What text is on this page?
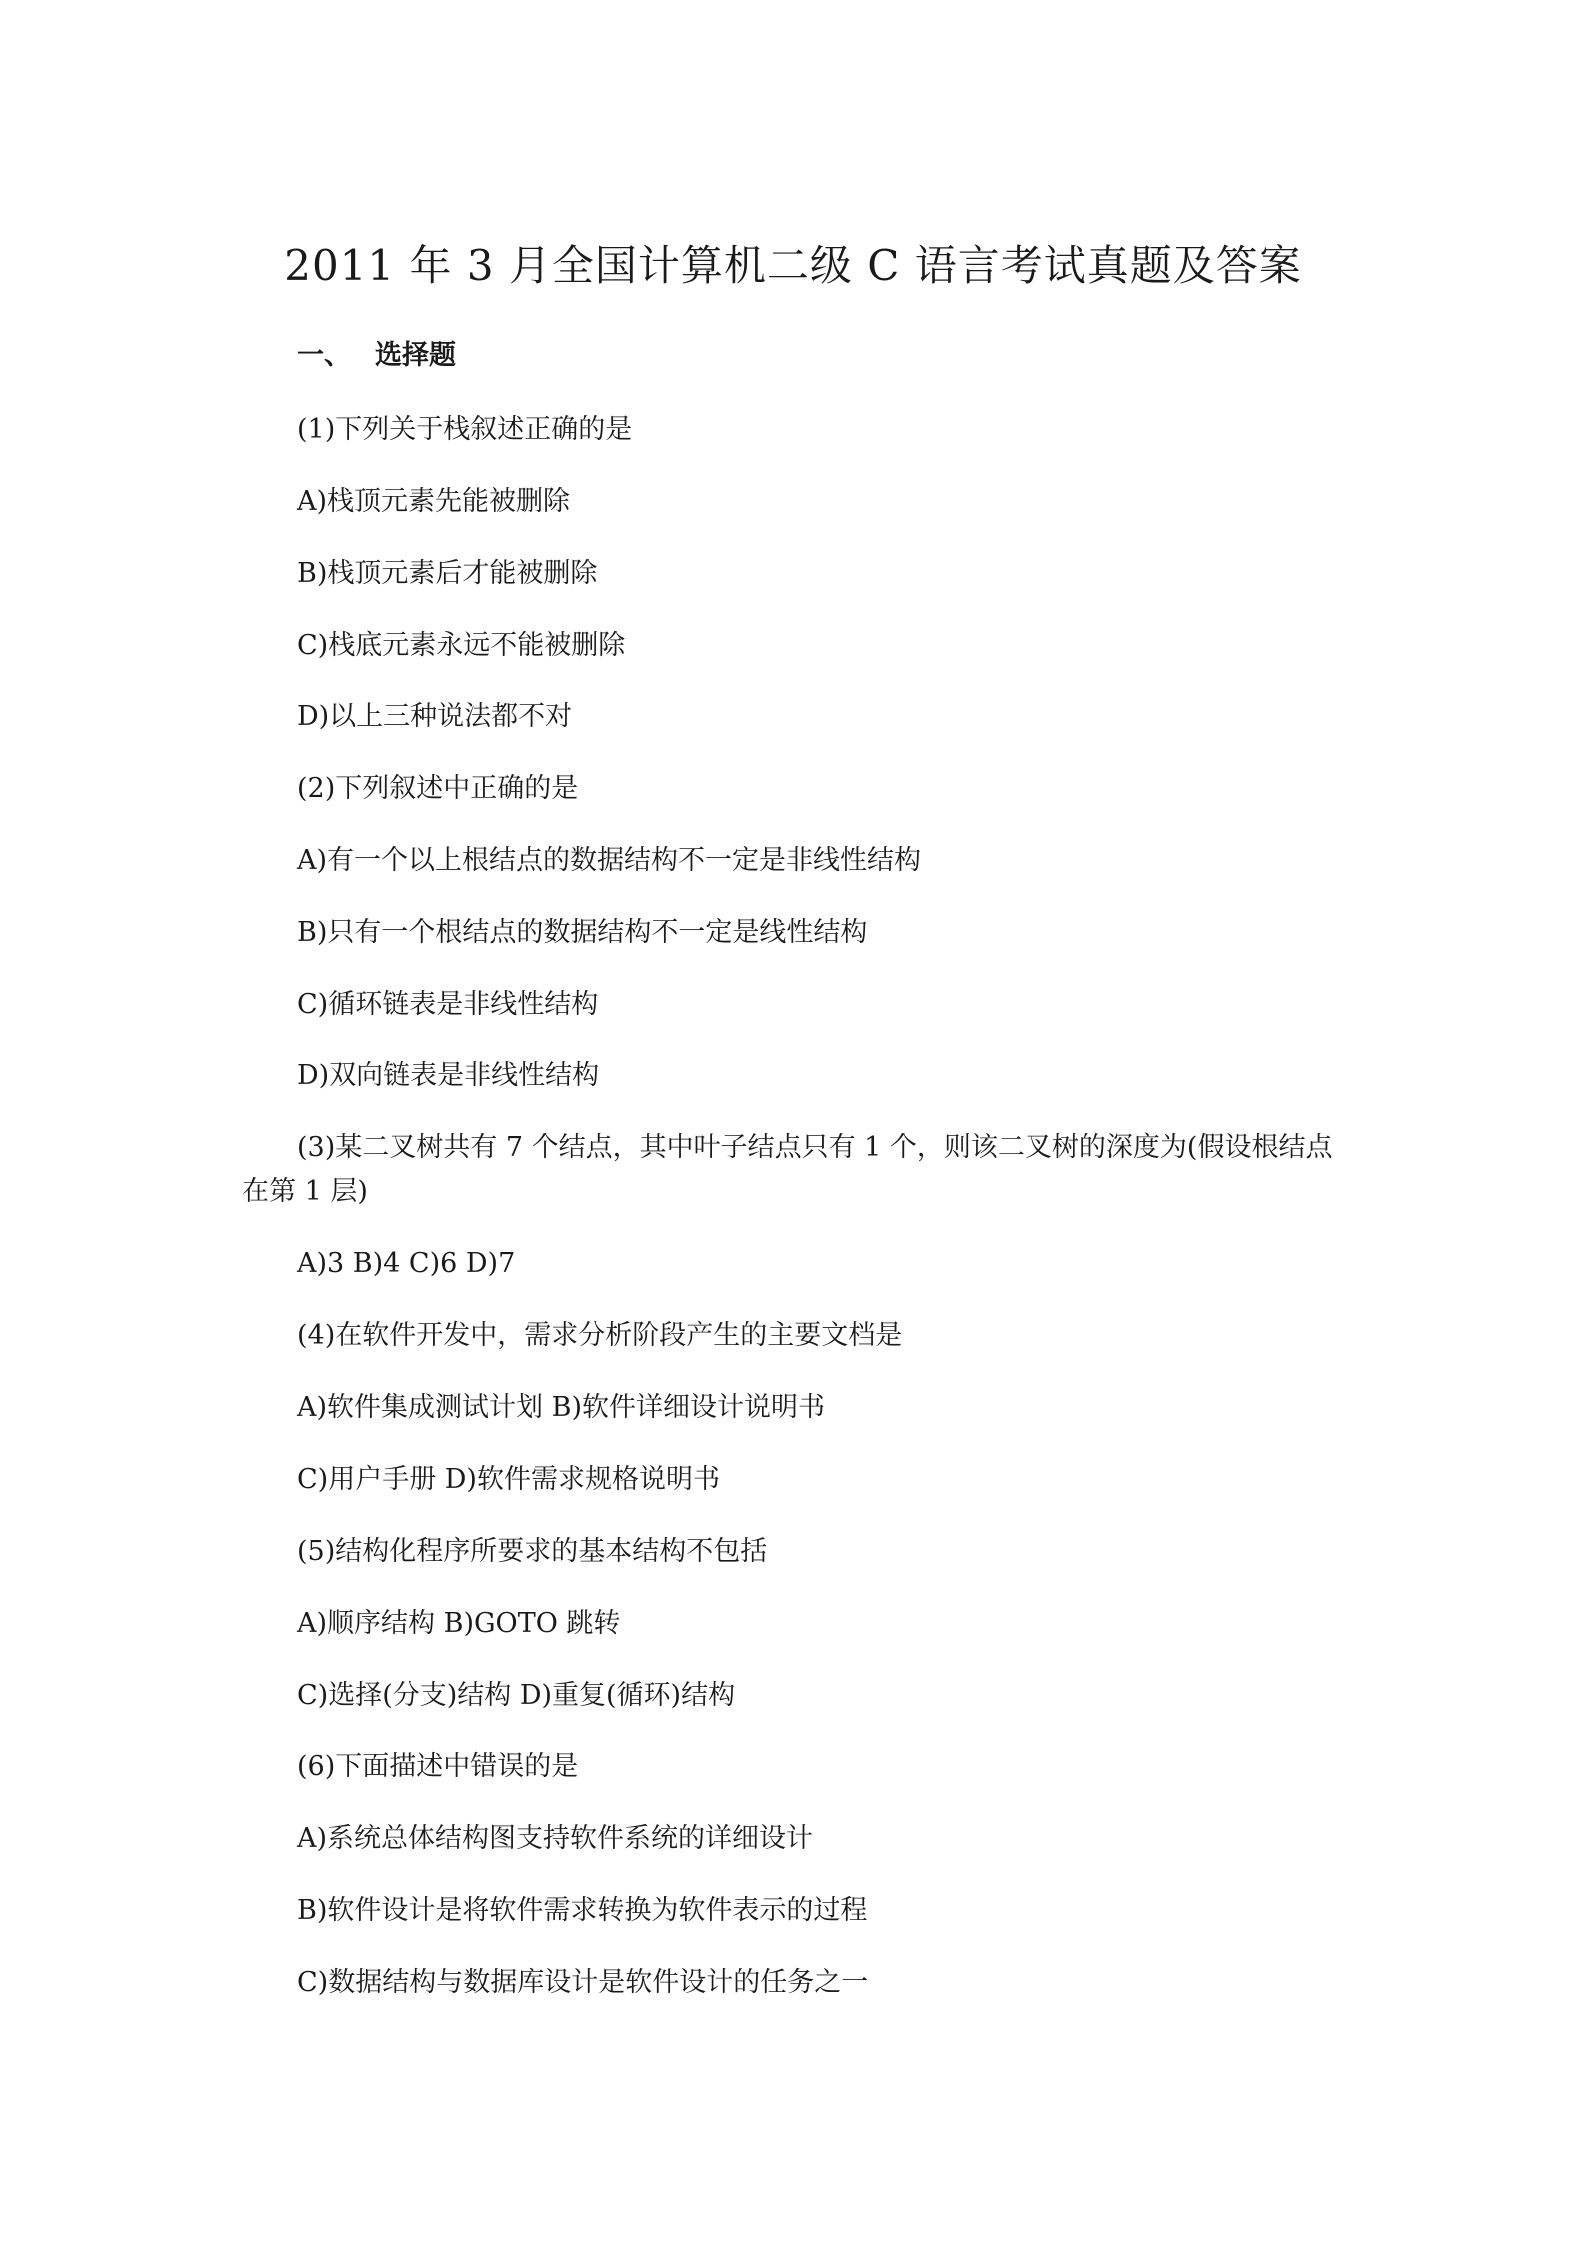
2011 年 3 月全国计算机二级 C 语言考试真题及答案
一、 选择题
(1)下列关于栈叙述正确的是
A)栈顶元素先能被删除
B)栈顶元素后才能被删除
C)栈底元素永远不能被删除
D)以上三种说法都不对
(2)下列叙述中正确的是
A)有一个以上根结点的数据结构不一定是非线性结构
B)只有一个根结点的数据结构不一定是线性结构
C)循环链表是非线性结构
D)双向链表是非线性结构
(3)某二叉树共有 7 个结点，其中叶子结点只有 1 个，则该二叉树的深度为(假设根结点
在第 1 层)
A)3 B)4 C)6 D)7
(4)在软件开发中，需求分析阶段产生的主要文档是
A)软件集成测试计划 B)软件详细设计说明书
C)用户手册 D)软件需求规格说明书
(5)结构化程序所要求的基本结构不包括
A)顺序结构 B)GOTO 跳转
C)选择(分支)结构 D)重复(循环)结构
(6)下面描述中错误的是
A)系统总体结构图支持软件系统的详细设计
B)软件设计是将软件需求转换为软件表示的过程
C)数据结构与数据库设计是软件设计的任务之一
